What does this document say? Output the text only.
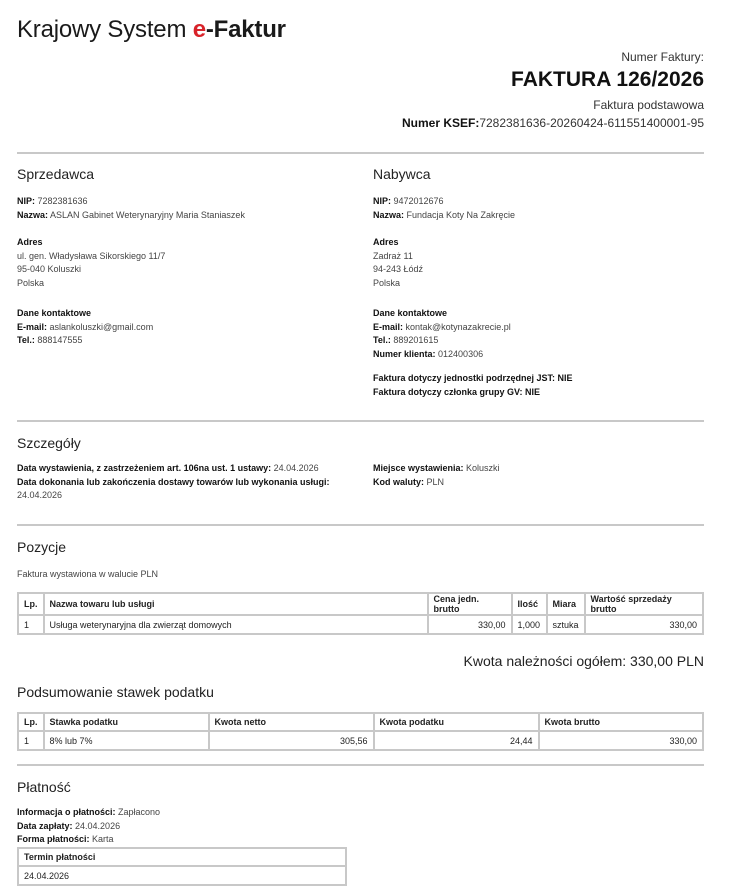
Krajowy System e-Faktur
Numer Faktury:
FAKTURA 126/2026
Faktura podstawowa
Numer KSEF:7282381636-20260424-611551400001-95
Sprzedawca
NIP: 7282381636
Nazwa: ASLAN Gabinet Weterynaryjny Maria Staniaszek
Adres
ul. gen. Władysława Sikorskiego 11/7
95-040 Koluszki
Polska
Dane kontaktowe
E-mail: aslankoluszki@gmail.com
Tel.: 888147555
Nabywca
NIP: 9472012676
Nazwa: Fundacja Koty Na Zakręcie
Adres
Zadraż 11
94-243 Łódź
Polska
Dane kontaktowe
E-mail: kontak@kotynazakrecie.pl
Tel.: 889201615
Numer klienta: 012400306
Faktura dotyczy jednostki podrzędnej JST: NIE
Faktura dotyczy członka grupy GV: NIE
Szczegóły
Data wystawienia, z zastrzeżeniem art. 106na ust. 1 ustawy: 24.04.2026
Data dokonania lub zakończenia dostawy towarów lub wykonania usługi:
24.04.2026
Miejsce wystawienia: Koluszki
Kod waluty: PLN
Pozycje
Faktura wystawiona w walucie PLN
Lp.	Nazwa towaru lub usługi	Cena jedn. brutto	Ilość	Miara	Wartość sprzedaży brutto
1	Usługa weterynaryjna dla zwierząt domowych	330,00	1,000	sztuka	330,00
Kwota należności ogółem: 330,00 PLN
Podsumowanie stawek podatku
Lp.	Stawka podatku	Kwota netto	Kwota podatku	Kwota brutto
1	8% lub 7%	305,56	24,44	330,00
Płatność
Informacja o płatności: Zapłacono
Data zapłaty: 24.04.2026
Forma płatności: Karta
Termin płatności
24.04.2026
